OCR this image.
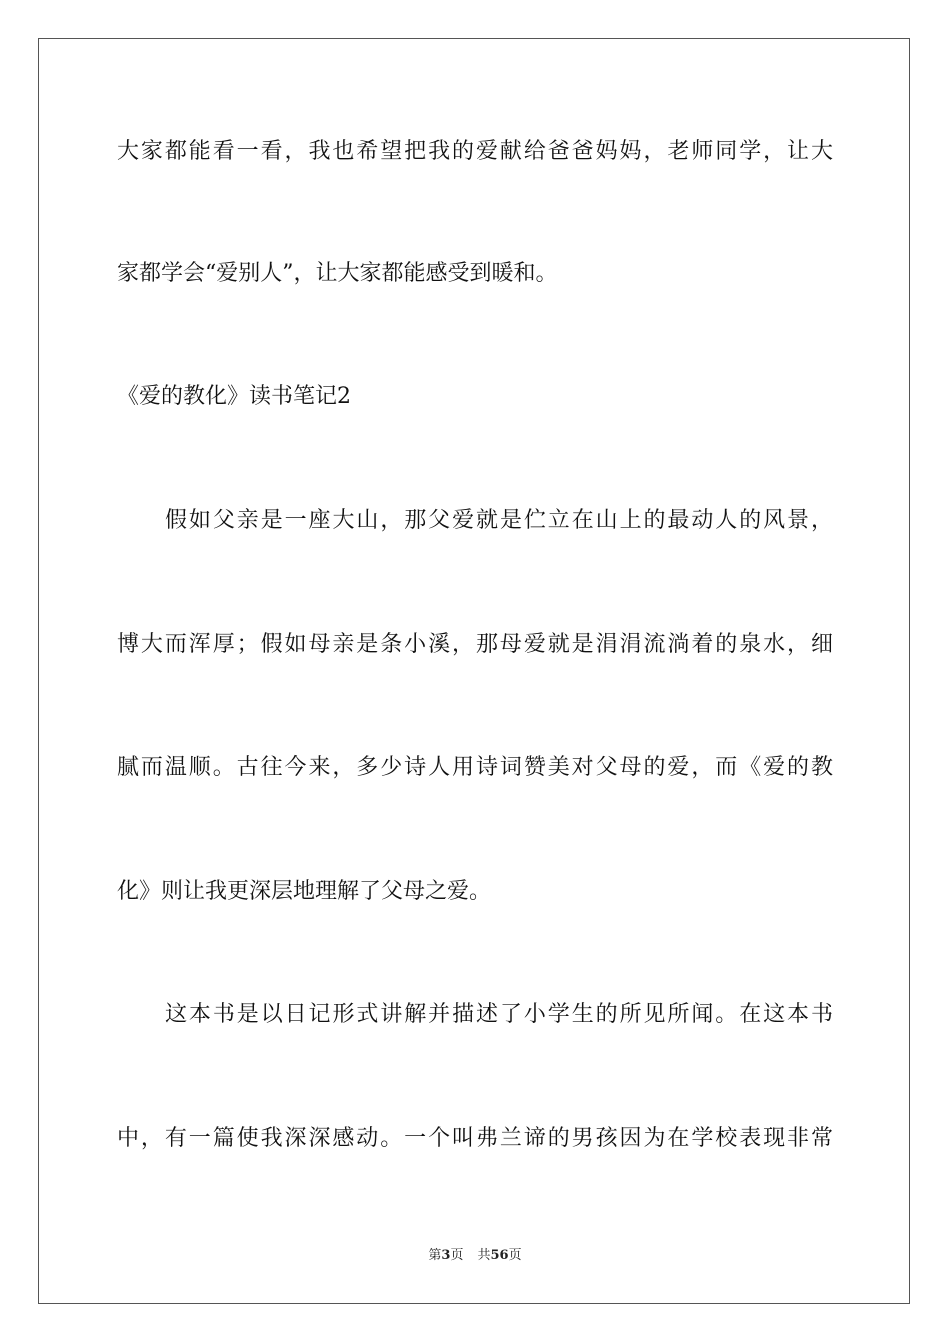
大家都能看一看，我也希望把我的爱献给爸爸妈妈，老师同学，让大
家都学会“爱别人”，让大家都能感受到暖和。
《爱的教化》读书笔记2
假如父亲是一座大山，那父爱就是伫立在山上的最动人的风景，
博大而浑厚；假如母亲是条小溪，那母爱就是涓涓流淌着的泉水，细
腻而温顺。古往今来，多少诗人用诗词赞美对父母的爱，而《爱的教
化》则让我更深层地理解了父母之爱。
这本书是以日记形式讲解并描述了小学生的所见所闻。在这本书
中，有一篇使我深深感动。一个叫弗兰谛的男孩因为在学校表现非常
第3页 共56页
